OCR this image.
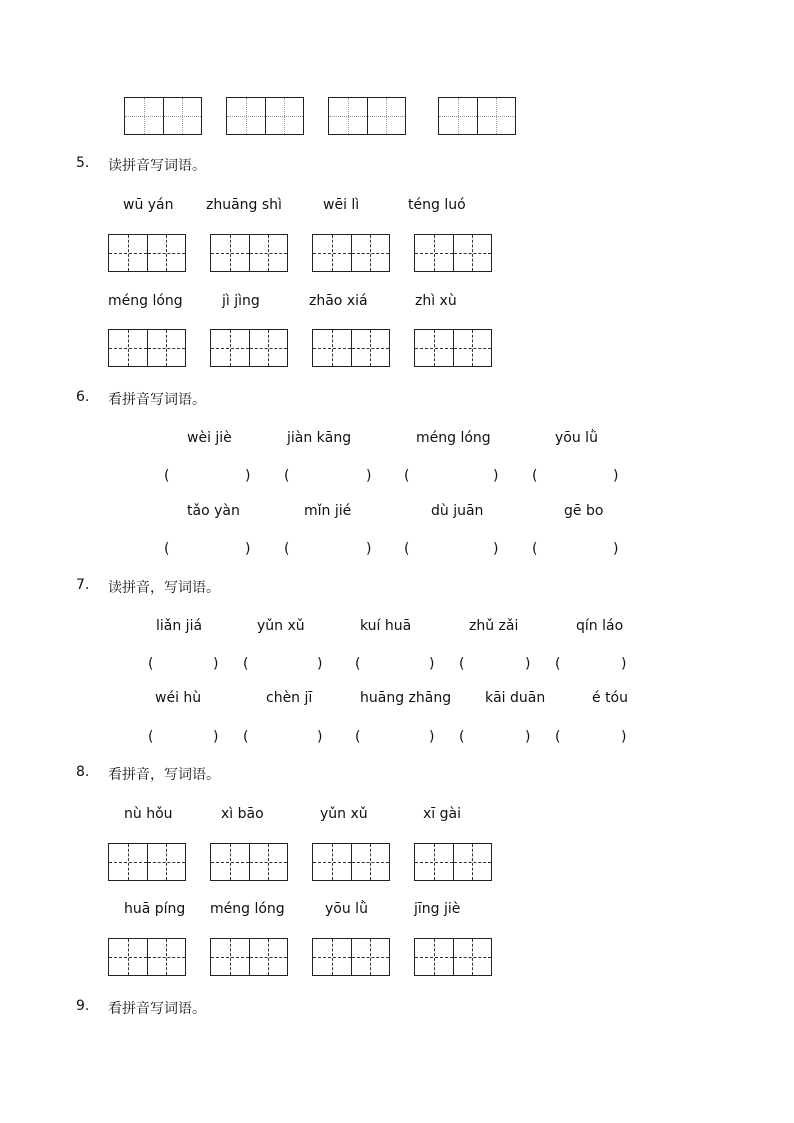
5. 读拼音写词语。
wū yán zhuāng shì	wēi lì	téng luó
méng lóng	jì jìng	zhāo xiá	zhì xù
6. 看拼音写词语。
wèi jiè	jiàn kāng	méng lóng	yōu lǜ
(	) (	) (	) (	)
tǎo yàn	mǐn jié	dù juān	gē bo
(	) (	) (	) (	)
7. 读拼音，写词语。
liǎn jiá	yǔn xǔ	kuí huā	zhǔ zǎi	qín láo
(	) (	) (	) (	) (	)
wéi hù	chèn jī	huāng zhāng kāi duān	é tóu
(	) (	) (	) (	) (	)
8. 看拼音，写词语。
nù hǒu	xì bāo	yǔn xǔ	xī gài
huā píng méng lóng	yōu lǜ	jīng jiè
9. 看拼音写词语。
